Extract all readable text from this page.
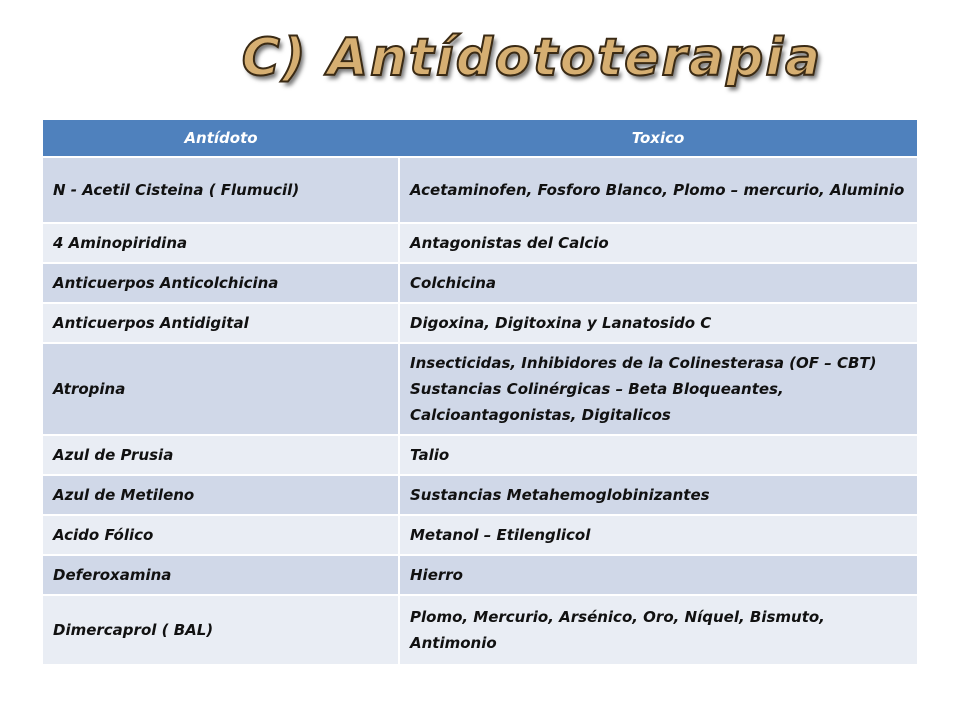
C) Antídototerapia
Antídoto	Toxico
N - Acetil Cisteina ( Flumucil)	Acetaminofen, Fosforo Blanco, Plomo – mercurio, Aluminio
4 Aminopiridina	Antagonistas del Calcio
Anticuerpos Anticolchicina	Colchicina
Anticuerpos Antidigital	Digoxina, Digitoxina y Lanatosido C
Atropina	Insecticidas, Inhibidores de la Colinesterasa (OF – CBT) Sustancias Colinérgicas – Beta Bloqueantes, Calcioantagonistas, Digitalicos
Azul de Prusia	Talio
Azul de Metileno	Sustancias Metahemoglobinizantes
Acido Fólico	Metanol – Etilenglicol
Deferoxamina	Hierro
Dimercaprol ( BAL)	Plomo, Mercurio, Arsénico, Oro, Níquel, Bismuto, Antimonio
